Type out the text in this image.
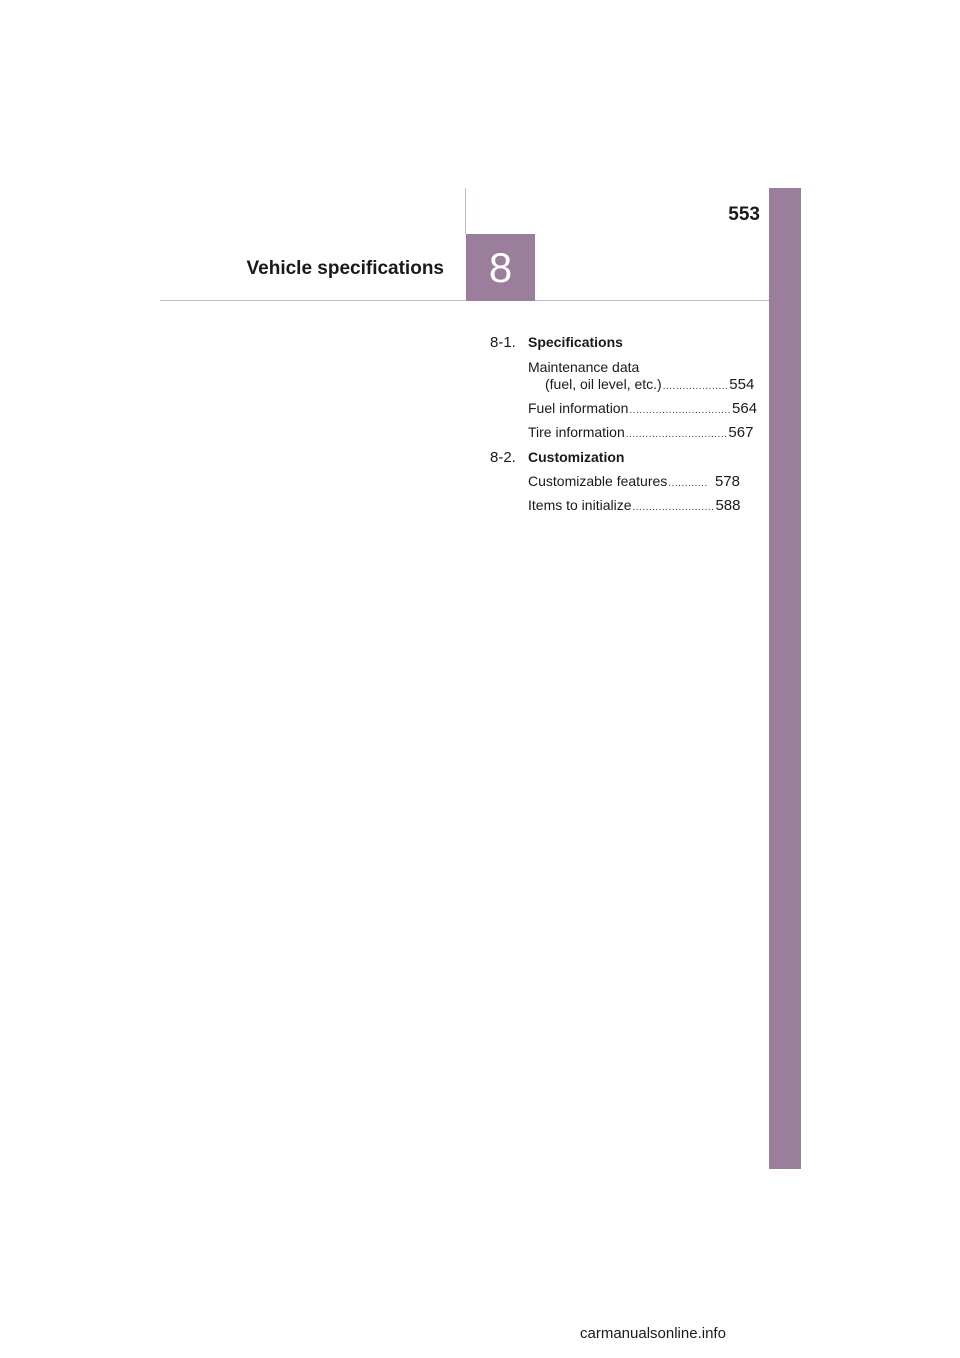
553
Vehicle specifications 8
8-1. Specifications
Maintenance data
(fuel, oil level, etc.) .................... 554
Fuel information ............................... 564
Tire information ............................... 567
8-2. Customization
Customizable features ............ 578
Items to initialize ......................... 588
carmanualsonline.info
